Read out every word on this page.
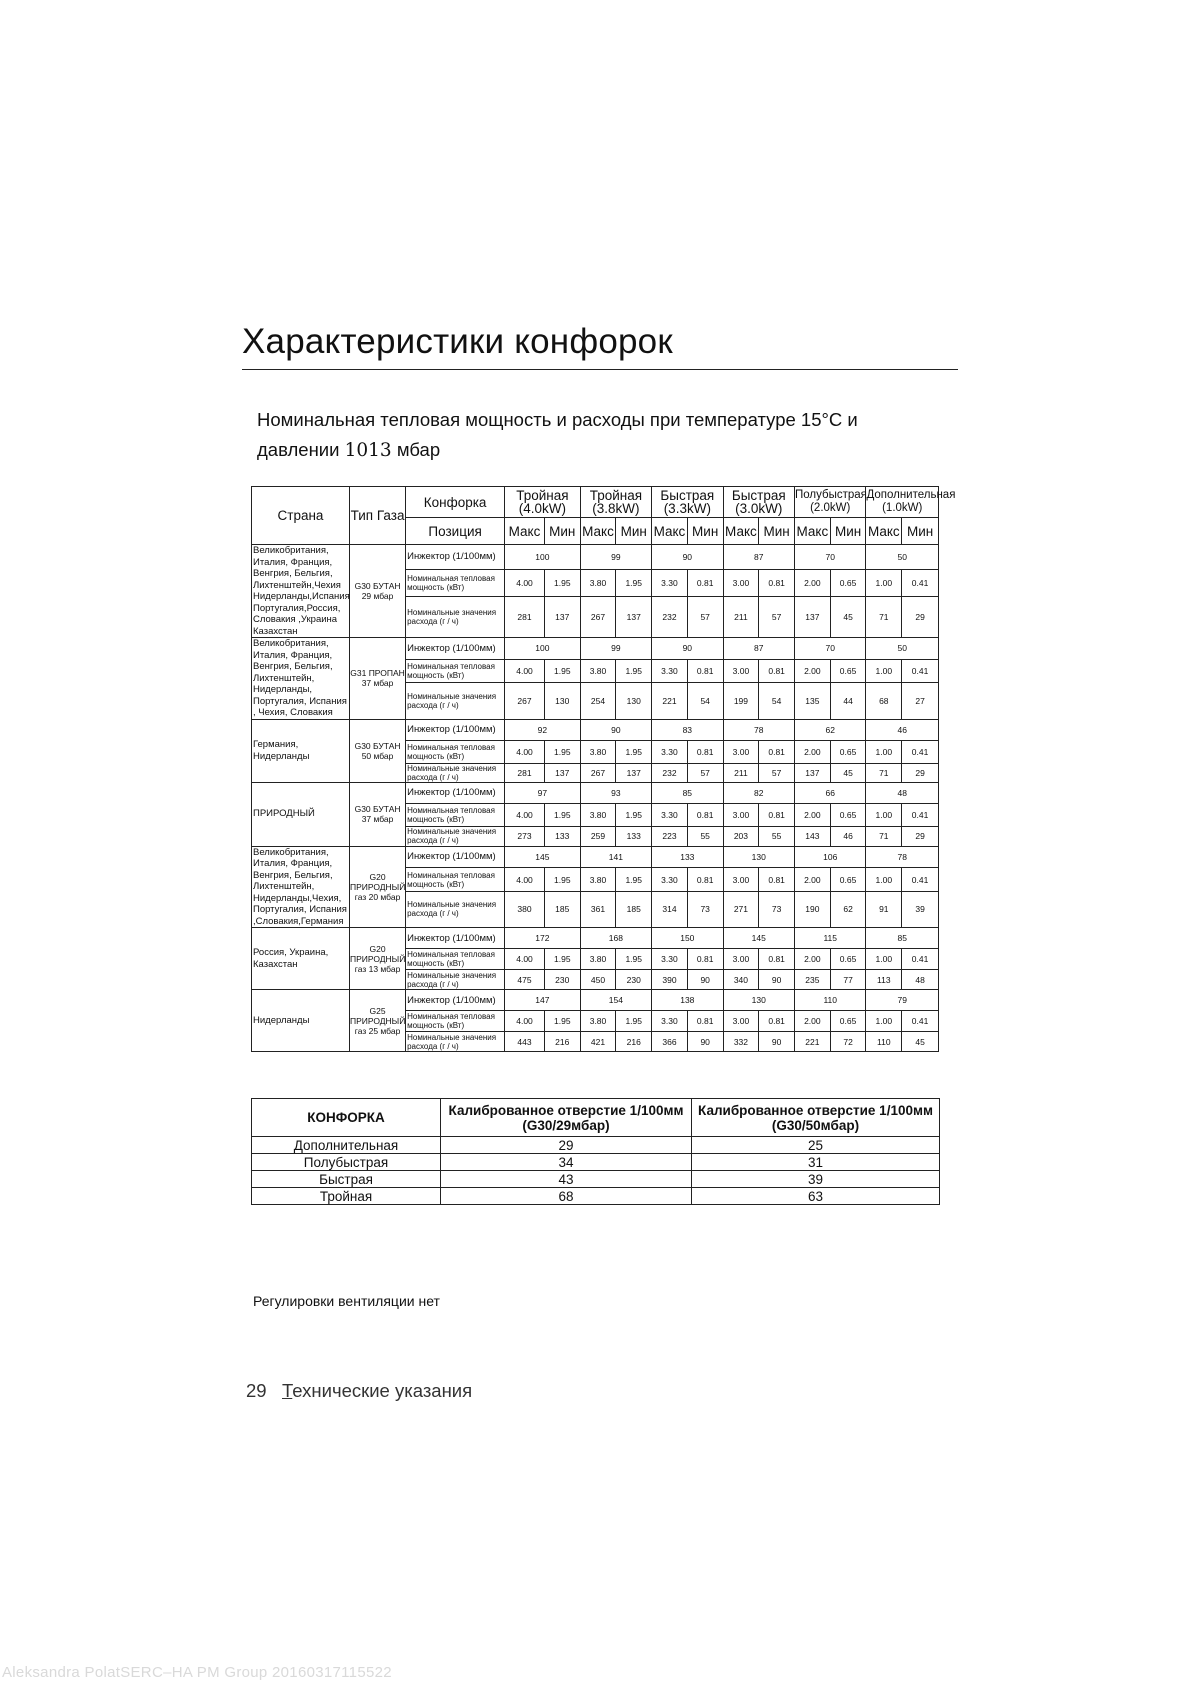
Характеристики конфорок
Номинальная тепловая мощность и расходы при температуре 15°С и
давлении 1013 мбар
Страна	Тип Газа	Конфорка	Тройная (4.0kW)		Тройная (3.8kW)		Быстрая (3.3kW)		Быстрая (3.0kW)		Полубыстрая (2.0kW)		Дополнительная (1.0kW)	
		Позиция	Макс	Мин	Макс	Мин	Макс	Мин	Макс	Мин	Макс	Мин	Макс	Мин
Великобритания, Италия, Франция, Венгрия, Бельгия, Лихтенштейн,Чехия Нидерланды,Испания Португалия,Россия, Словакия ,Украина Казахстан	G30 БУТАН 29 мбар	Инжектор (1/100мм)	100		99		90		87		70		50	
		Номинальная тепловая мощность (кВт)	4.00	1.95	3.80	1.95	3.30	0.81	3.00	0.81	2.00	0.65	1.00	0.41
		Номинальные значения расхода (г / ч)	281	137	267	137	232	57	211	57	137	45	71	29
Великобритания, Италия, Франция, Венгрия, Бельгия, Лихтенштейн, Нидерланды, Португалия, Испания , Чехия, Словакия	G31 ПРОПАН 37 мбар	Инжектор (1/100мм)	100		99		90		87		70		50	
		Номинальная тепловая мощность (кВт)	4.00	1.95	3.80	1.95	3.30	0.81	3.00	0.81	2.00	0.65	1.00	0.41
		Номинальные значения расхода (г / ч)	267	130	254	130	221	54	199	54	135	44	68	27
Германия, Нидерланды	G30 БУТАН 50 мбар	Инжектор (1/100мм)	92		90		83		78		62		46	
		Номинальная тепловая мощность (кВт)	4.00	1.95	3.80	1.95	3.30	0.81	3.00	0.81	2.00	0.65	1.00	0.41
		Номинальные значения расхода (г / ч)	281	137	267	137	232	57	211	57	137	45	71	29
ПРИРОДНЫЙ	G30 БУТАН 37 мбар	Инжектор (1/100мм)	97		93		85		82		66		48	
		Номинальная тепловая мощность (кВт)	4.00	1.95	3.80	1.95	3.30	0.81	3.00	0.81	2.00	0.65	1.00	0.41
		Номинальные значения расхода (г / ч)	273	133	259	133	223	55	203	55	143	46	71	29
Великобритания, Италия, Франция, Венгрия, Бельгия, Лихтенштейн, Нидерланды,Чехия, Португалия, Испания ,Словакия,Германия	G20 ПРИРОДНЫЙ газ 20 мбар	Инжектор (1/100мм)	145		141		133		130		106		78	
		Номинальная тепловая мощность (кВт)	4.00	1.95	3.80	1.95	3.30	0.81	3.00	0.81	2.00	0.65	1.00	0.41
		Номинальные значения расхода (г / ч)	380	185	361	185	314	73	271	73	190	62	91	39
Россия, Украина, Казахстан	G20 ПРИРОДНЫЙ газ 13 мбар	Инжектор (1/100мм)	172		168		150		145		115		85	
		Номинальная тепловая мощность (кВт)	4.00	1.95	3.80	1.95	3.30	0.81	3.00	0.81	2.00	0.65	1.00	0.41
		Номинальные значения расхода (г / ч)	475	230	450	230	390	90	340	90	235	77	113	48
Нидерланды	G25 ПРИРОДНЫЙ газ 25 мбар	Инжектор (1/100мм)	147		154		138		130		110		79	
		Номинальная тепловая мощность (кВт)	4.00	1.95	3.80	1.95	3.30	0.81	3.00	0.81	2.00	0.65	1.00	0.41
		Номинальные значения расхода (г / ч)	443	216	421	216	366	90	332	90	221	72	110	45
КОНФОРКА	Калиброванное отверстие 1/100мм (G30/29мбар)	Калиброванное отверстие 1/100мм (G30/50мбар)
Дополнительная	29	25
Полубыстрая	34	31
Быстрая	43	39
Тройная	68	63
Регулировки вентиляции нет
29 Технические указания
Aleksandra PolatSERC–HA PM Group 20160317115522
